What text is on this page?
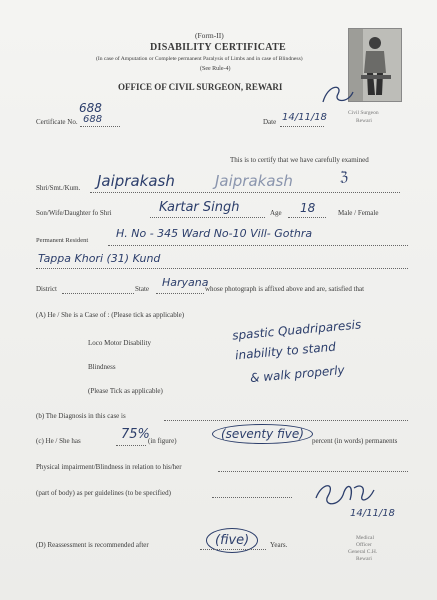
(Form-II)
DISABILITY CERTIFICATE
(In case of Amputation or Complete permanent Paralysis of Limbs and in case of Blindness)
(See Rule-4)
OFFICE OF CIVIL SURGEON, REWARI
Civil Surgeon
Rewari
688
Certificate No. 688	Date 14/11/18
This is to certify that we have carefully examined
Shri/Smt./Kum. Jaiprakash	Jaiprakash	ℨ
Son/Wife/Daughter fo Shri	Kartar Singh	Age 18	Male / Female
Permanent Resident
H. No - 345 Ward No-10 Vill- Gothra
Tappa Khori (31) Kund
District	State Haryana
whose photograph is affixed above and are, satisfied that
(A) He / She is a Case of : (Please tick as applicable)
Loco Motor Disability
Blindness
(Please Tick as applicable)
spastic Quadriparesis
inability to stand
& walk properly
(b) The Diagnosis in this case is
(c) He / She has	75%
(in figure)	(seventy five)	percent (in words) permanents
Physical impairment/Blindness in relation to his/her
(part of body) as per guidelines (to be specified)
14/11/18
Medical
Officer
General C.H.
Rewari
(D) Reassessment is recommended after	(five)	Years.
